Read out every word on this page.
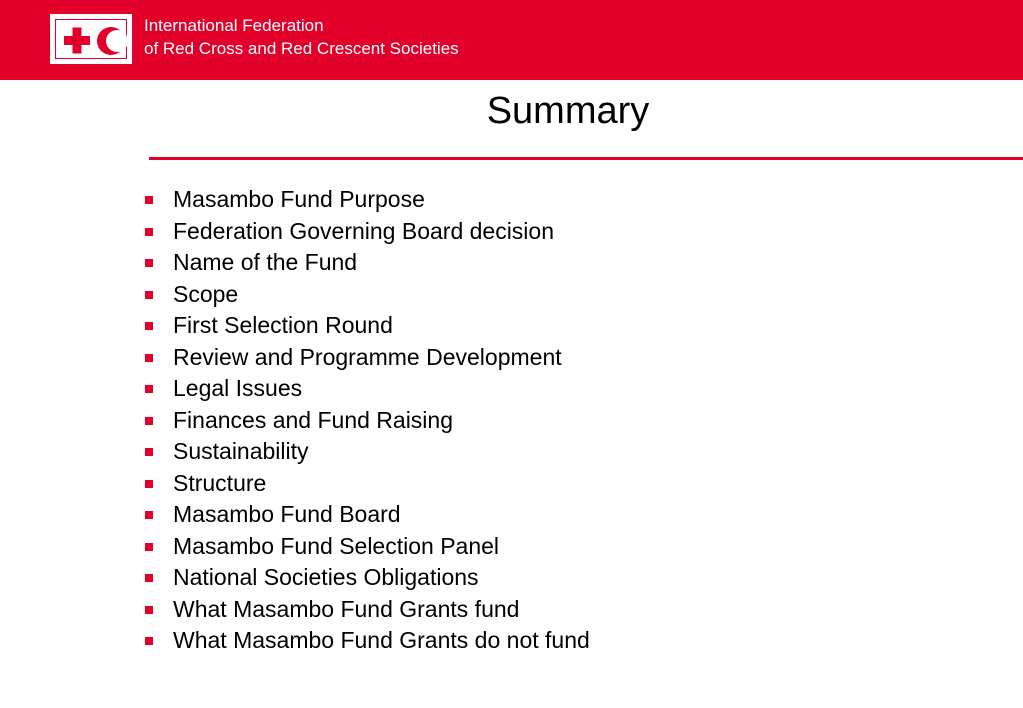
International Federation
of Red Cross and Red Crescent Societies
Summary
Masambo Fund Purpose
Federation Governing Board decision
Name of the Fund
Scope
First Selection Round
Review and Programme Development
Legal Issues
Finances and Fund Raising
Sustainability
Structure
Masambo Fund Board
Masambo Fund Selection Panel
National Societies Obligations
What Masambo Fund Grants fund
What Masambo Fund Grants do not fund
